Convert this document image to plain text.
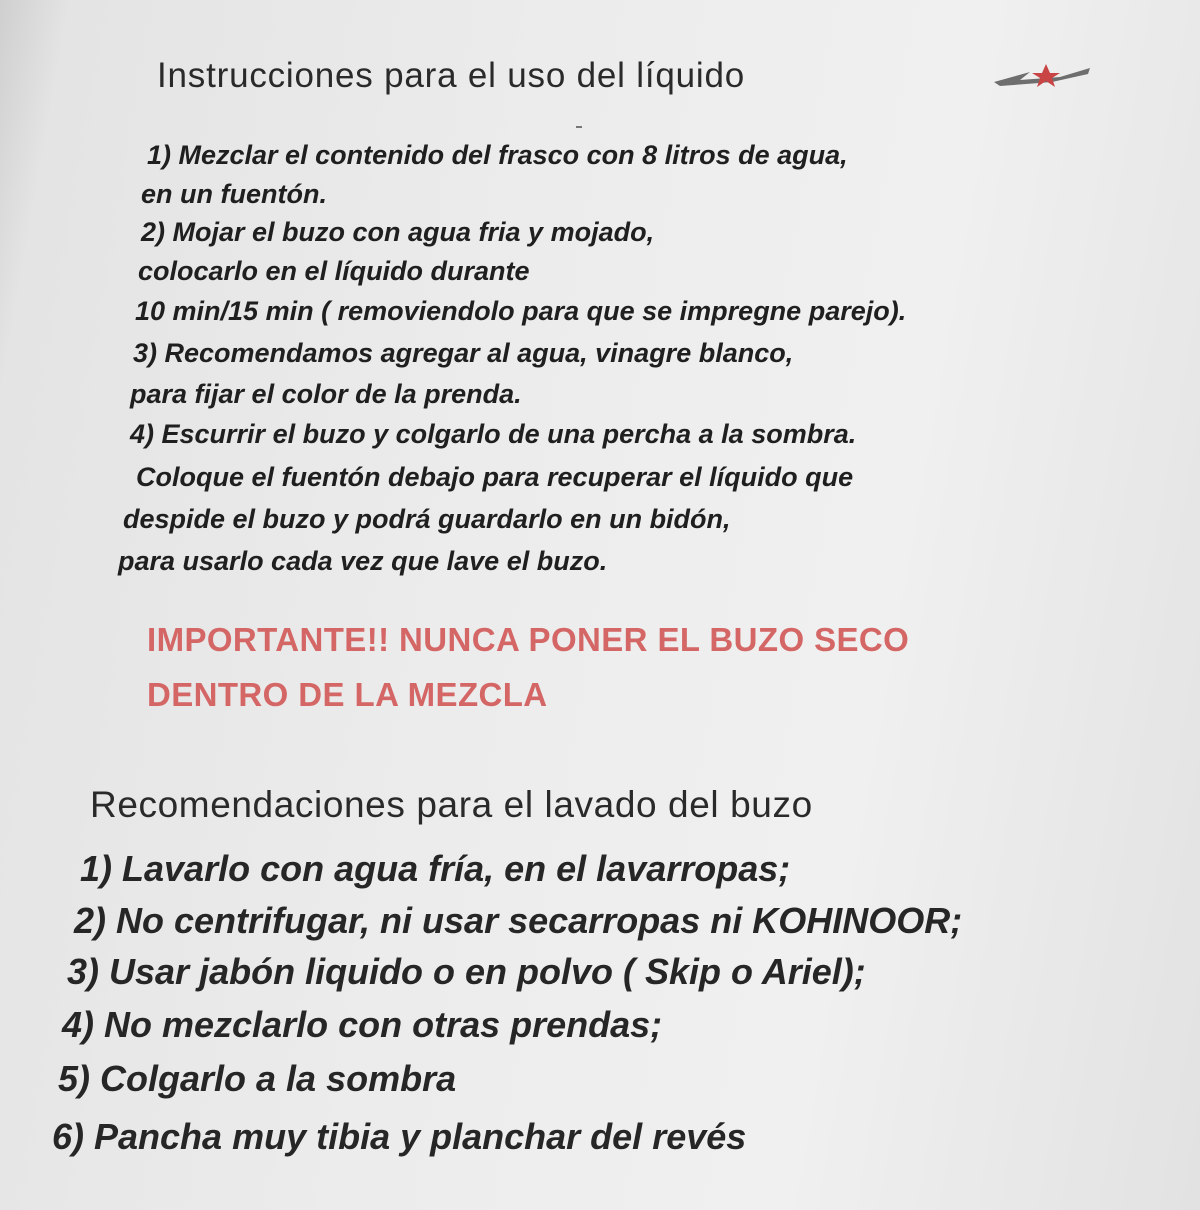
Instrucciones para el uso del líquido

1) Mezclar el contenido del frasco con 8 litros de agua,

en un fuentón.

2) Mojar el buzo con agua fria y mojado,

colocarlo en el líquido durante

10 min/15 min ( removiendolo para que se impregne parejo).

3) Recomendamos agregar al agua, vinagre blanco,

para fijar el color de la prenda.

4) Escurrir el buzo y colgarlo de una percha a la sombra.

Coloque el fuentón debajo para recuperar el líquido que

despide el buzo y podrá guardarlo en un bidón,

para usarlo cada vez que lave el buzo.

IMPORTANTE!! NUNCA PONER EL BUZO SECO

DENTRO DE LA MEZCLA

Recomendaciones para el lavado del buzo

1) Lavarlo con agua fría, en el lavarropas;

2) No centrifugar, ni usar secarropas ni KOHINOOR;

3) Usar jabón liquido o en polvo ( Skip o Ariel);

4) No mezclarlo con otras prendas;

5) Colgarlo a la sombra

6) Pancha muy tibia y planchar del revés
